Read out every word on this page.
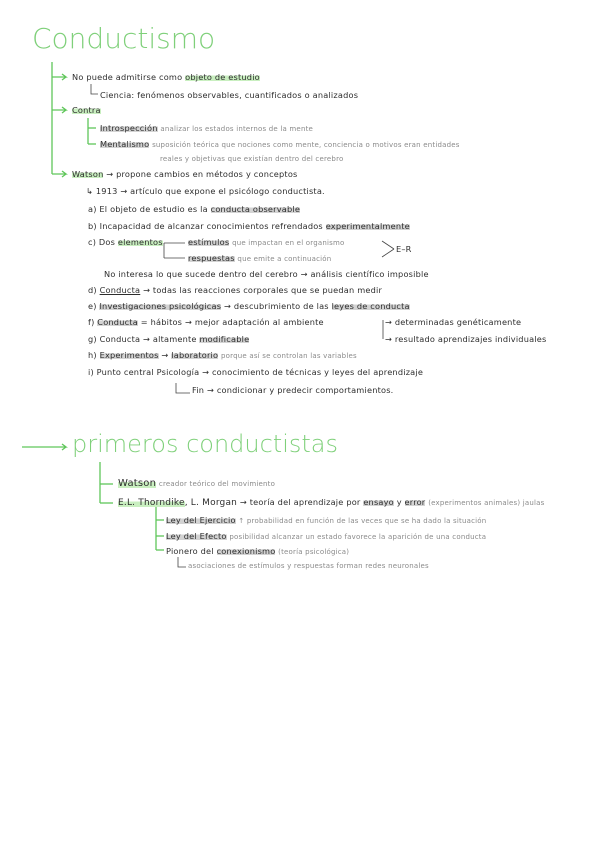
Conductismo
No puede admitirse como objeto de estudio
Ciencia: fenómenos observables, cuantificados o analizados
Contra
Introspección analizar los estados internos de la mente
Mentalismo suposición teórica que nociones como mente, conciencia o motivos eran entidades
reales y objetivas que existían dentro del cerebro
Watson → propone cambios en métodos y conceptos
↳ 1913 → artículo que expone el psicólogo conductista.
a) El objeto de estudio es la conducta observable
b) Incapacidad de alcanzar conocimientos refrendados experimentalmente
c) Dos elementos	estímulos que impactan en el organismo
respuestas que emite a continuación
E–R
No interesa lo que sucede dentro del cerebro → análisis científico imposible
d) Conducta → todas las reacciones corporales que se puedan medir
e) Investigaciones psicológicas → descubrimiento de las leyes de conducta
f) Conducta = hábitos → mejor adaptación al ambiente	→ determinadas genéticamente
→ resultado aprendizajes individuales
g) Conducta → altamente modificable
h) Experimentos → laboratorio porque así se controlan las variables
i) Punto central Psicología → conocimiento de técnicas y leyes del aprendizaje
Fin → condicionar y predecir comportamientos.
primeros conductistas
Watson creador teórico del movimiento
E.L. Thorndike, L. Morgan → teoría del aprendizaje por ensayo y error (experimentos animales) jaulas
Ley del Ejercicio ↑ probabilidad en función de las veces que se ha dado la situación
Ley del Efecto posibilidad alcanzar un estado favorece la aparición de una conducta
Pionero del conexionismo (teoría psicológica)
asociaciones de estímulos y respuestas forman redes neuronales
